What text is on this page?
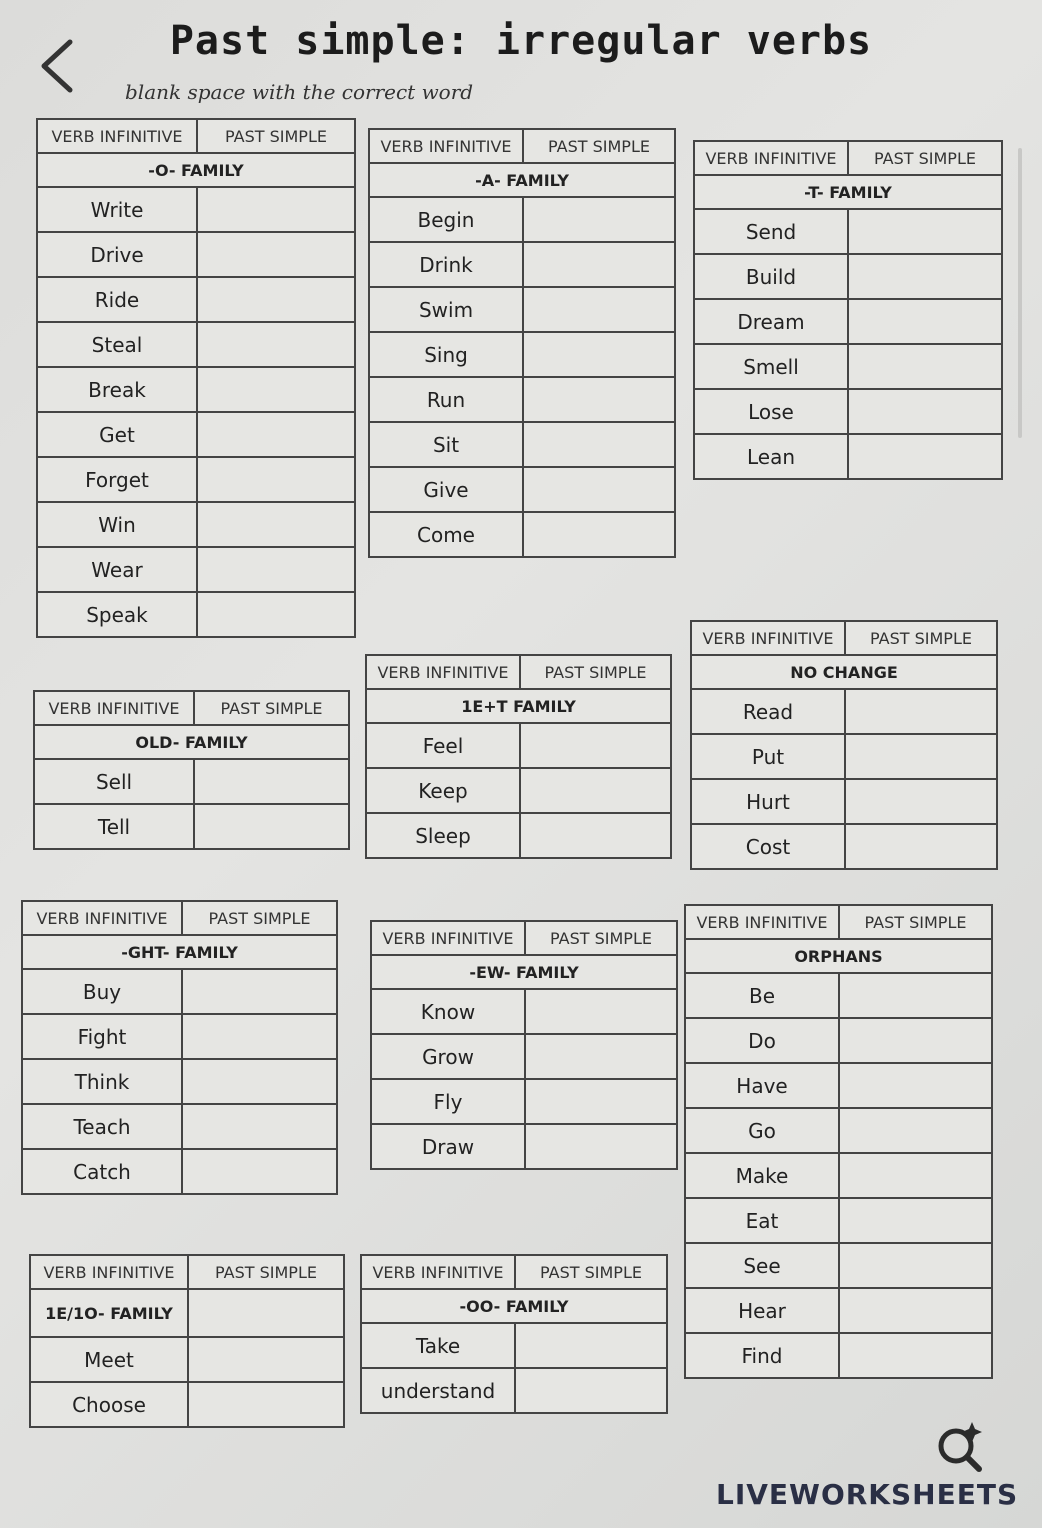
Past simple: irregular verbs
blank space with the correct word
VERB INFINITIVE	PAST SIMPLE
-O- FAMILY
Write
Drive
Ride
Steal
Break
Get
Forget
Win
Wear
Speak
VERB INFINITIVE	PAST SIMPLE
-A- FAMILY
Begin
Drink
Swim
Sing
Run
Sit
Give
Come
VERB INFINITIVE	PAST SIMPLE
-T- FAMILY
Send
Build
Dream
Smell
Lose
Lean
VERB INFINITIVE	PAST SIMPLE
NO CHANGE
Read
Put
Hurt
Cost
VERB INFINITIVE	PAST SIMPLE
1E+T FAMILY
Feel
Keep
Sleep
VERB INFINITIVE	PAST SIMPLE
OLD- FAMILY
Sell
Tell
VERB INFINITIVE	PAST SIMPLE
-GHT- FAMILY
Buy
Fight
Think
Teach
Catch
VERB INFINITIVE	PAST SIMPLE
-EW- FAMILY
Know
Grow
Fly
Draw
VERB INFINITIVE	PAST SIMPLE
ORPHANS
Be
Do
Have
Go
Make
Eat
See
Hear
Find
VERB INFINITIVE	PAST SIMPLE
1E/1O- FAMILY
Meet
Choose
VERB INFINITIVE	PAST SIMPLE
-OO- FAMILY
Take
understand
LIVEWORKSHEETS
